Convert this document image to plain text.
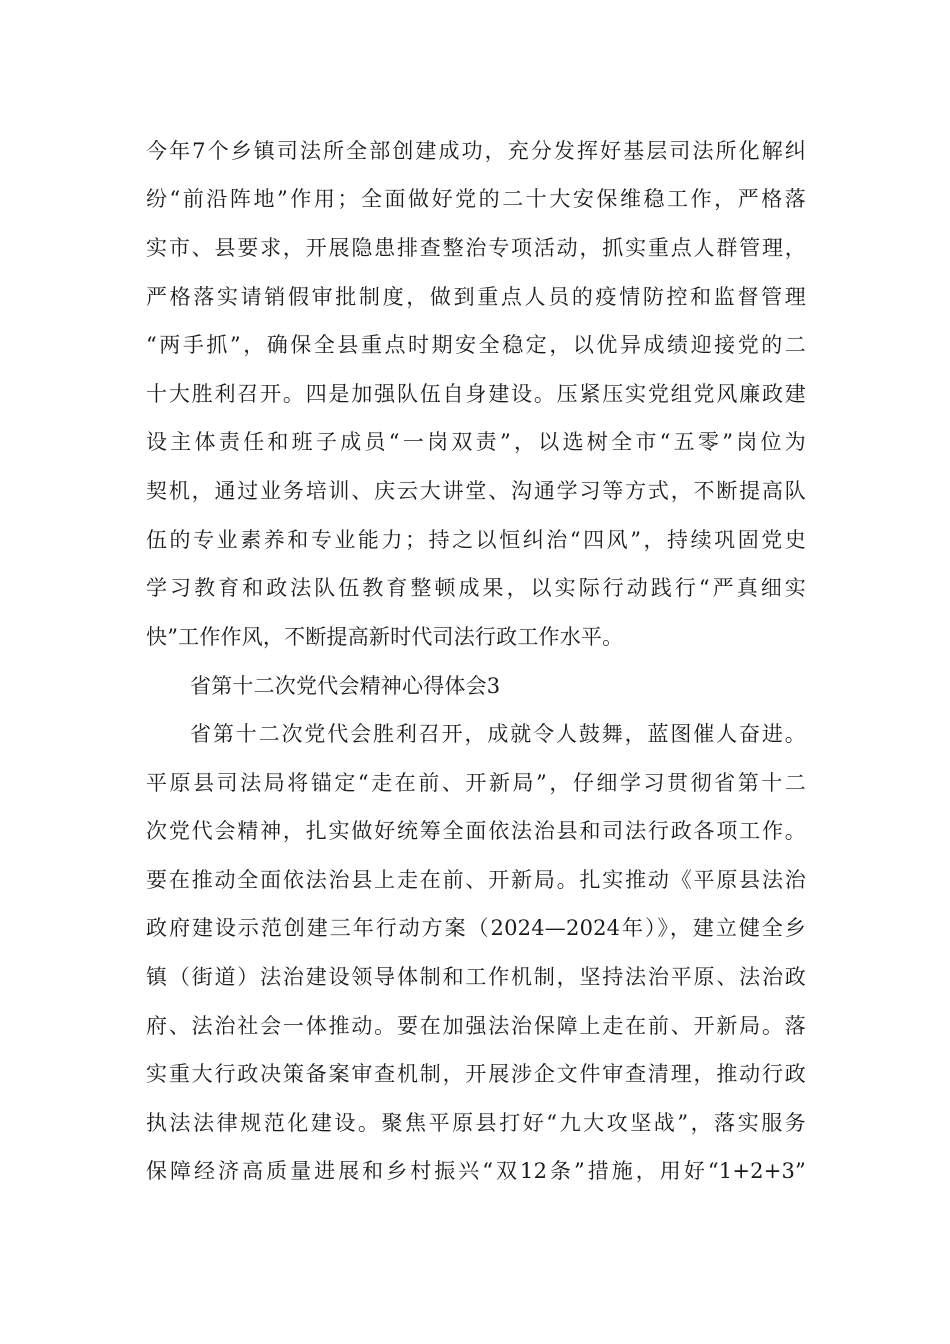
今年7个乡镇司法所全部创建成功，充分发挥好基层司法所化解纠
纷“前沿阵地”作用；全面做好党的二十大安保维稳工作，严格落
实市、县要求，开展隐患排查整治专项活动，抓实重点人群管理，
严格落实请销假审批制度，做到重点人员的疫情防控和监督管理
“两手抓”，确保全县重点时期安全稳定，以优异成绩迎接党的二
十大胜利召开。四是加强队伍自身建设。压紧压实党组党风廉政建
设主体责任和班子成员“一岗双责”，以选树全市“五零”岗位为
契机，通过业务培训、庆云大讲堂、沟通学习等方式，不断提高队
伍的专业素养和专业能力；持之以恒纠治“四风”，持续巩固党史
学习教育和政法队伍教育整顿成果，以实际行动践行“严真细实
快”工作作风，不断提高新时代司法行政工作水平。
省第十二次党代会精神心得体会3
省第十二次党代会胜利召开，成就令人鼓舞，蓝图催人奋进。
平原县司法局将锚定“走在前、开新局”，仔细学习贯彻省第十二
次党代会精神，扎实做好统筹全面依法治县和司法行政各项工作。
要在推动全面依法治县上走在前、开新局。扎实推动《平原县法治
政府建设示范创建三年行动方案（2024—2024年）》，建立健全乡
镇（街道）法治建设领导体制和工作机制，坚持法治平原、法治政
府、法治社会一体推动。要在加强法治保障上走在前、开新局。落
实重大行政决策备案审查机制，开展涉企文件审查清理，推动行政
执法法律规范化建设。聚焦平原县打好“九大攻坚战”，落实服务
保障经济高质量进展和乡村振兴“双12条”措施，用好“1+2+3”
